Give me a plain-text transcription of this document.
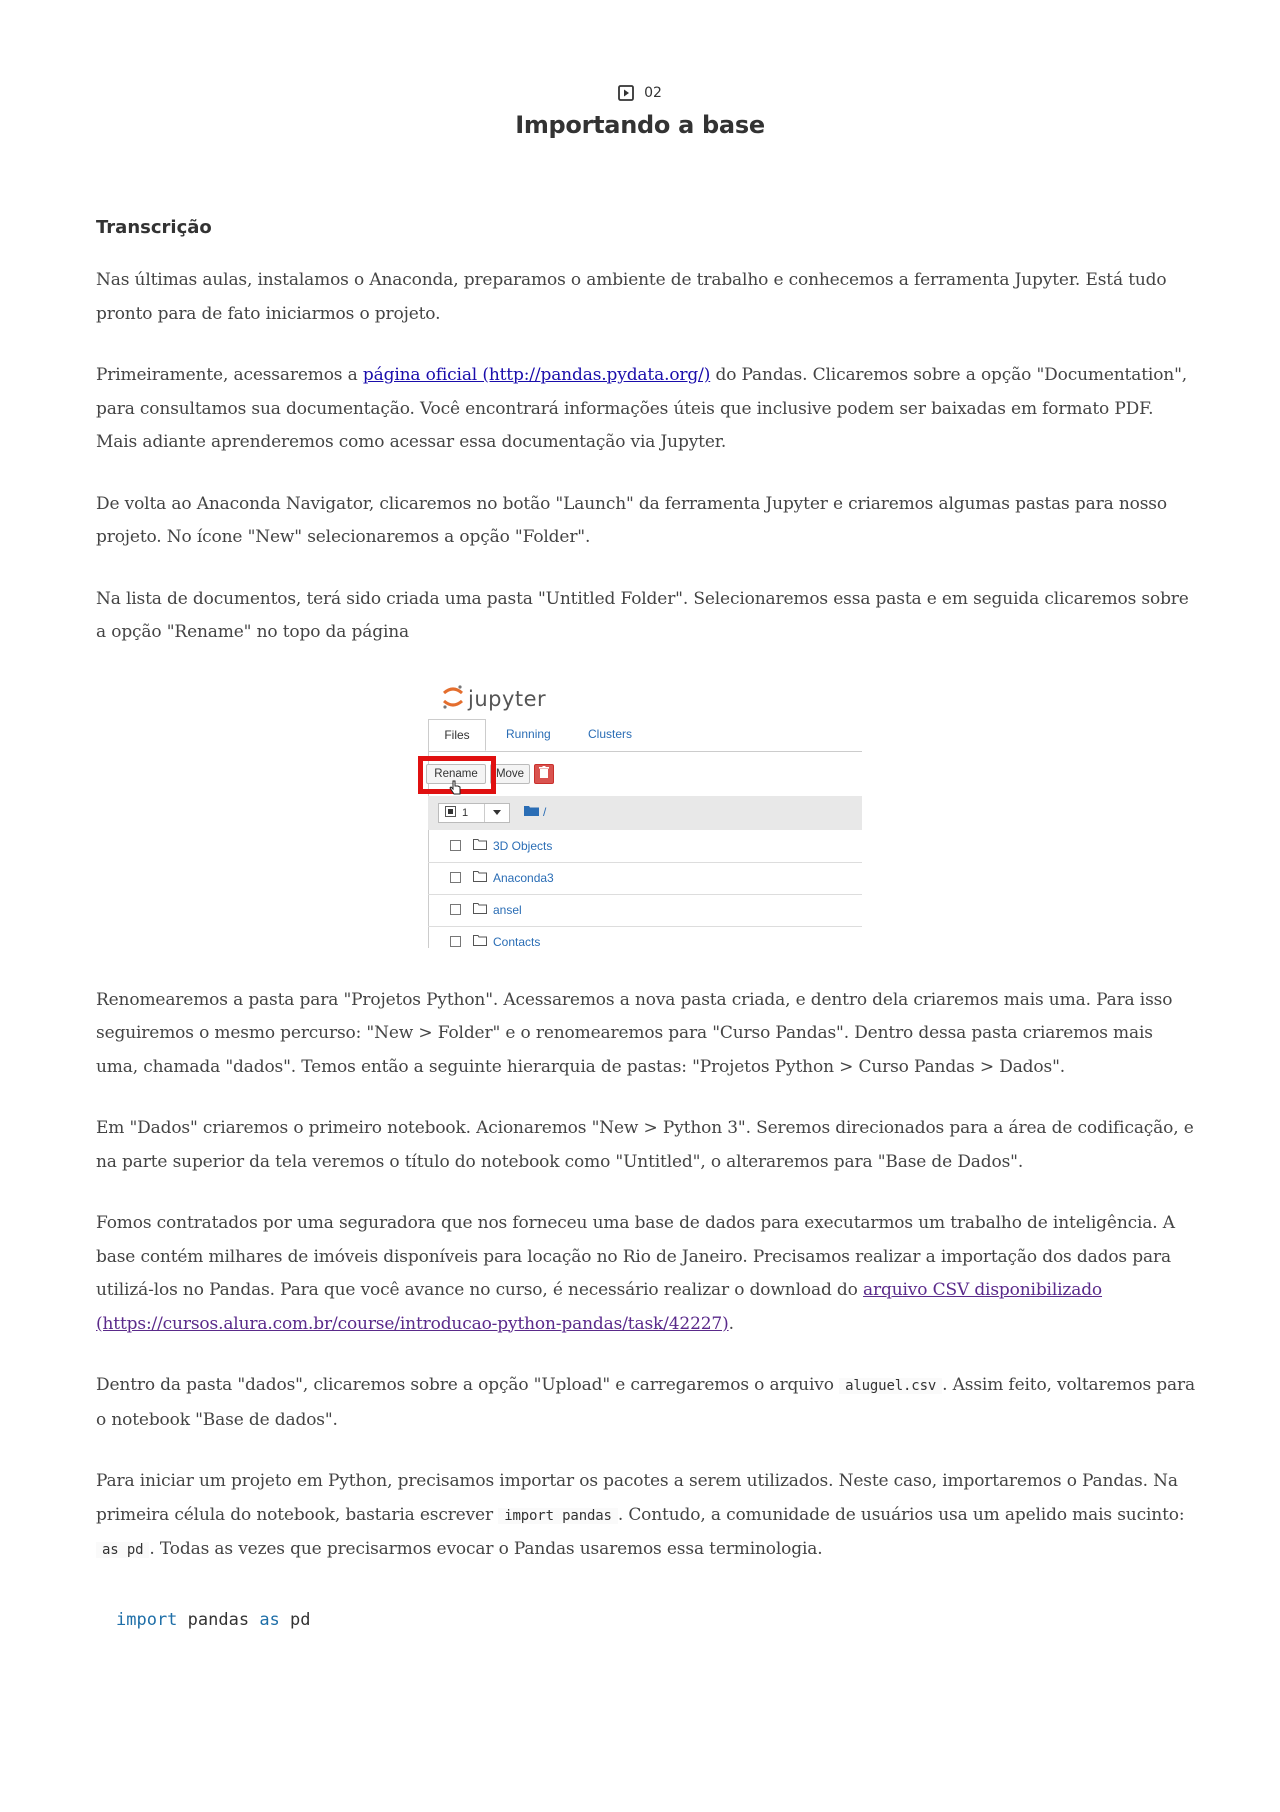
02
Importando a base
Transcrição

Nas últimas aulas, instalamos o Anaconda, preparamos o ambiente de trabalho e conhecemos a ferramenta Jupyter. Está tudo pronto para de fato iniciarmos o projeto.

Primeiramente, acessaremos a página oficial (http://pandas.pydata.org/) do Pandas. Clicaremos sobre a opção "Documentation", para consultamos sua documentação. Você encontrará informações úteis que inclusive podem ser baixadas em formato PDF. Mais adiante aprenderemos como acessar essa documentação via Jupyter.

De volta ao Anaconda Navigator, clicaremos no botão "Launch" da ferramenta Jupyter e criaremos algumas pastas para nosso projeto. No ícone "New" selecionaremos a opção "Folder".

Na lista de documentos, terá sido criada uma pasta "Untitled Folder". Selecionaremos essa pasta e em seguida clicaremos sobre a opção "Rename" no topo da página

jupyter
Files	Running	Clusters
Rename	Move
1	/
3D Objects
Anaconda3
ansel
Contacts

Renomearemos a pasta para "Projetos Python". Acessaremos a nova pasta criada, e dentro dela criaremos mais uma. Para isso seguiremos o mesmo percurso: "New > Folder" e o renomearemos para "Curso Pandas". Dentro dessa pasta criaremos mais uma, chamada "dados". Temos então a seguinte hierarquia de pastas: "Projetos Python > Curso Pandas > Dados".

Em "Dados" criaremos o primeiro notebook. Acionaremos "New > Python 3". Seremos direcionados para a área de codificação, e na parte superior da tela veremos o título do notebook como "Untitled", o alteraremos para "Base de Dados".

Fomos contratados por uma seguradora que nos forneceu uma base de dados para executarmos um trabalho de inteligência. A base contém milhares de imóveis disponíveis para locação no Rio de Janeiro. Precisamos realizar a importação dos dados para utilizá-los no Pandas. Para que você avance no curso, é necessário realizar o download do arquivo CSV disponibilizado (https://cursos.alura.com.br/course/introducao-python-pandas/task/42227).

Dentro da pasta "dados", clicaremos sobre a opção "Upload" e carregaremos o arquivo aluguel.csv . Assim feito, voltaremos para o notebook "Base de dados".

Para iniciar um projeto em Python, precisamos importar os pacotes a serem utilizados. Neste caso, importaremos o Pandas. Na primeira célula do notebook, bastaria escrever import pandas . Contudo, a comunidade de usuários usa um apelido mais sucinto: as pd . Todas as vezes que precisarmos evocar o Pandas usaremos essa terminologia.

import pandas as pd
